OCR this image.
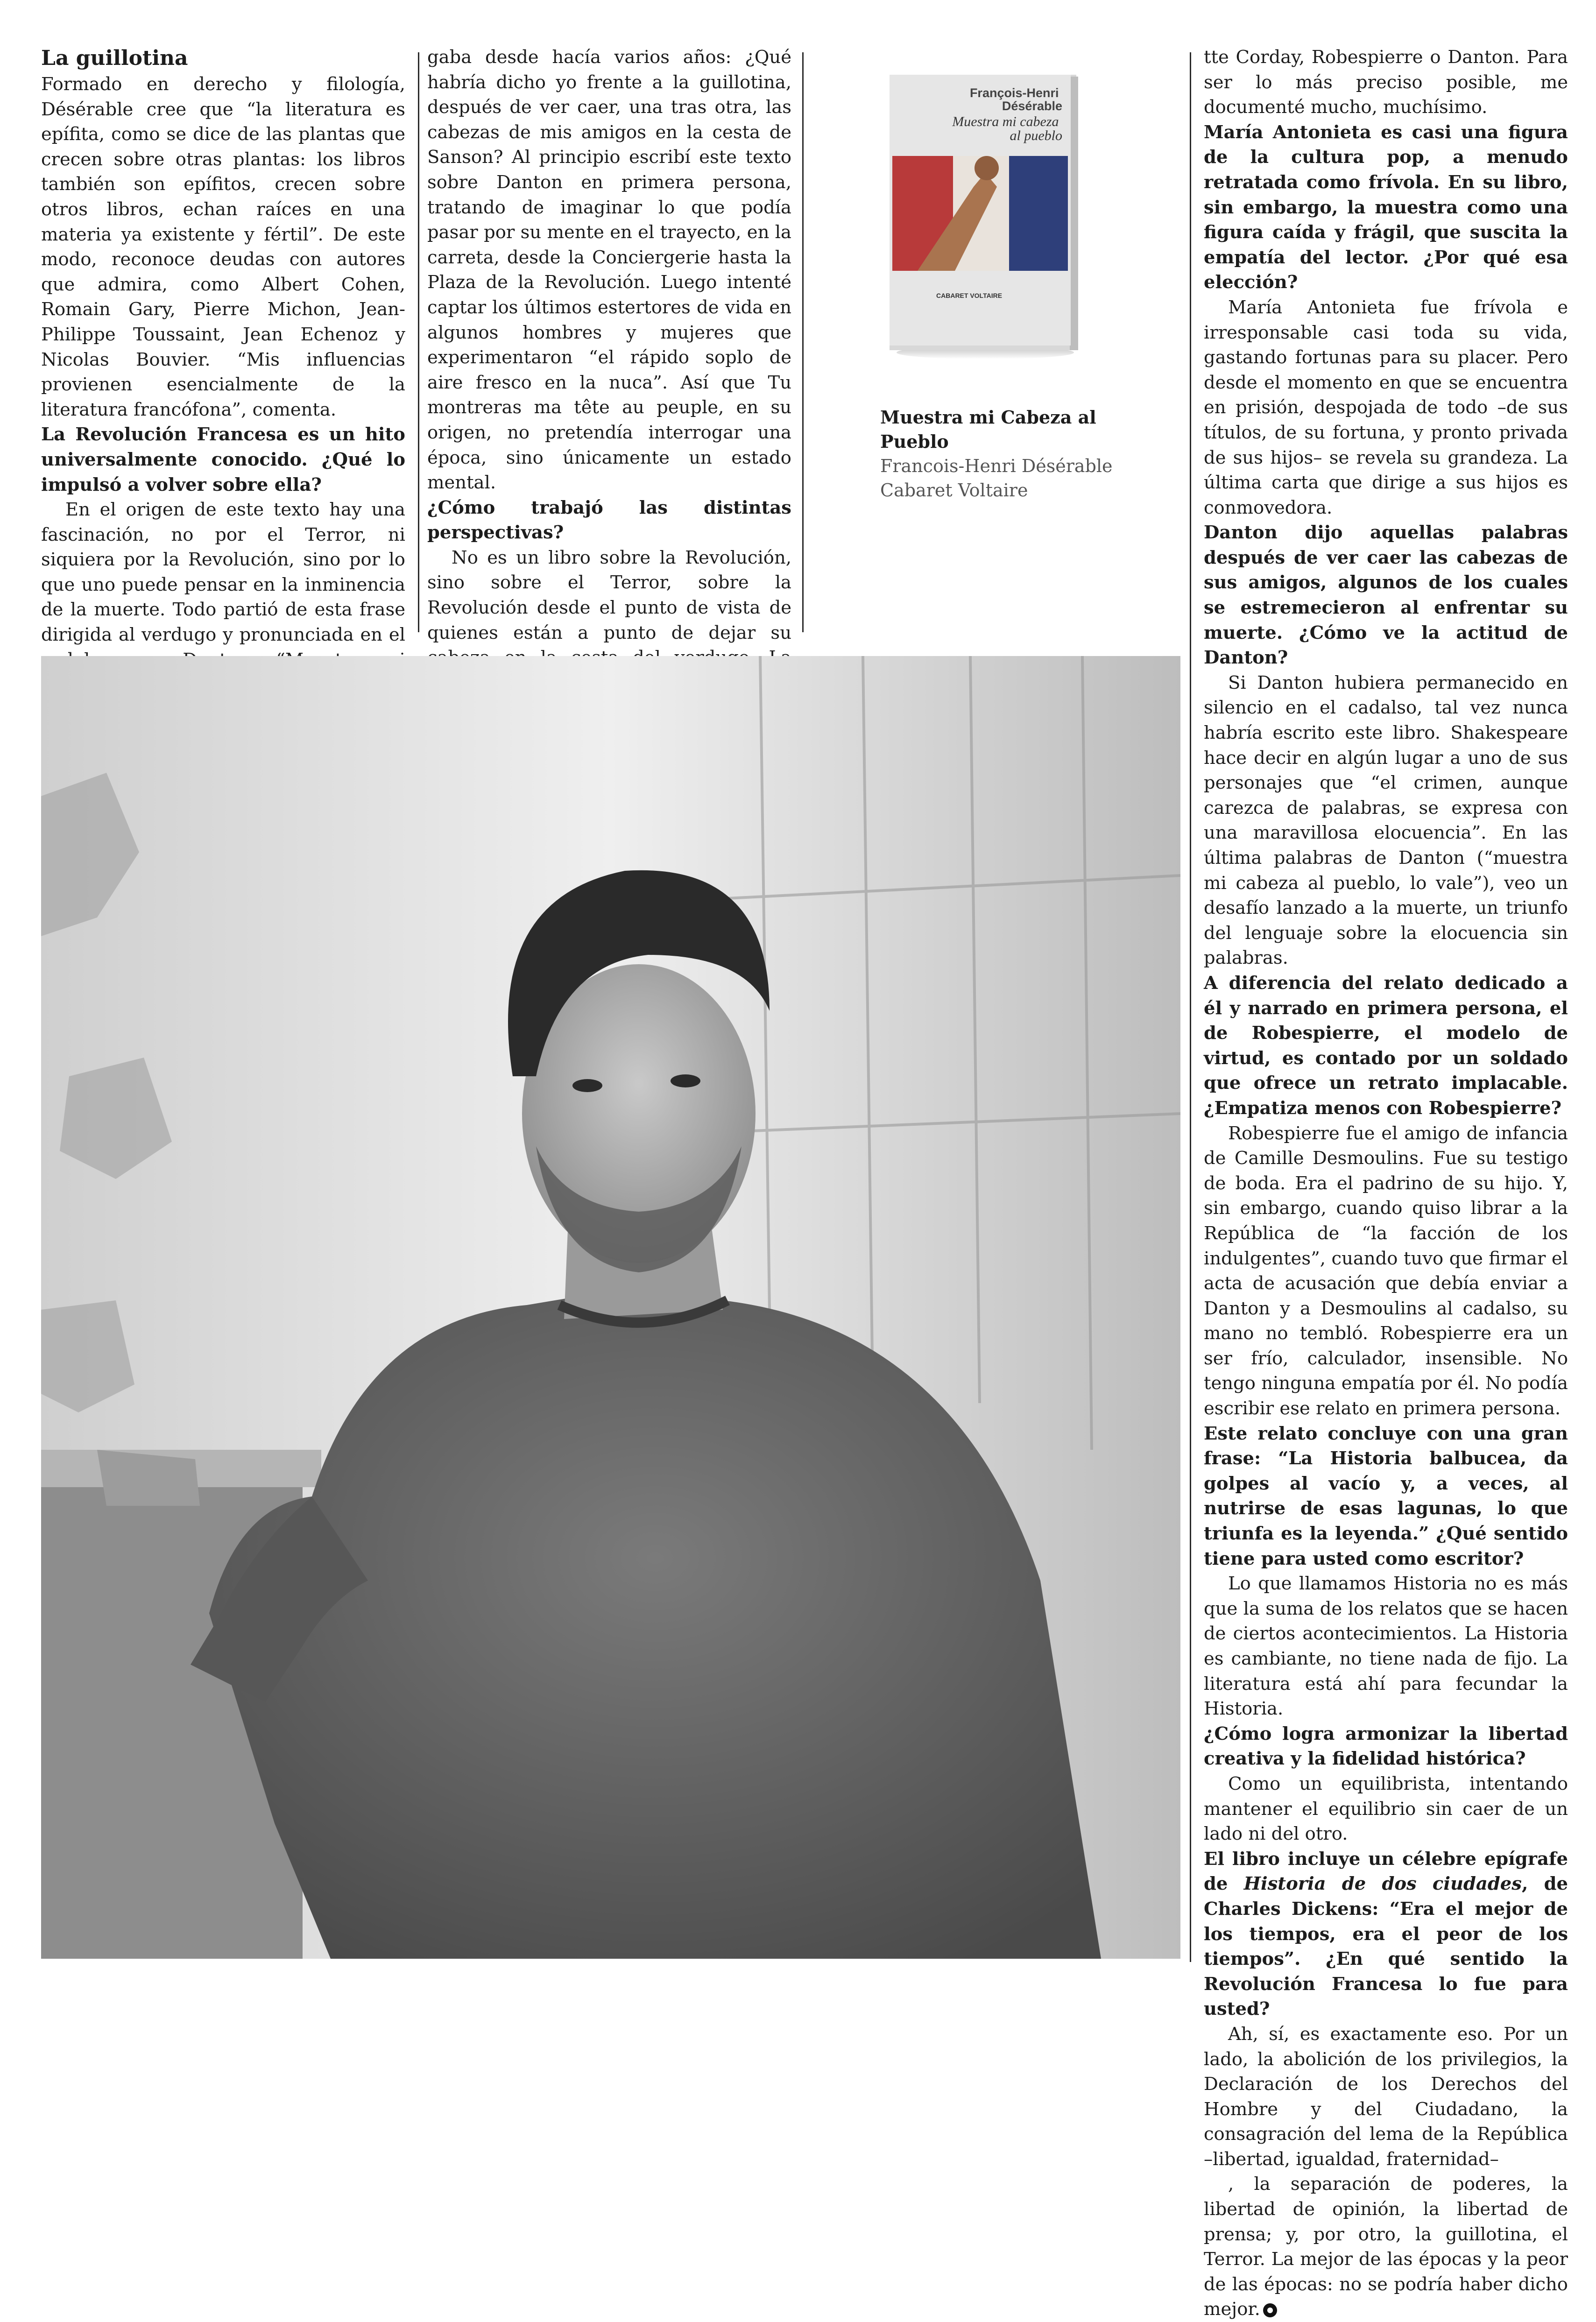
La guillotina

Formado en derecho y filología, Désérable cree que “la literatura es epífita, como se dice de las plantas que crecen sobre otras plantas: los libros también son epífitos, crecen sobre otros libros, echan raíces en una materia ya existente y fértil”. De este modo, reconoce deudas con autores que admira, como Albert Cohen, Romain Gary, Pierre Michon, Jean-Philippe Toussaint, Jean Echenoz y Nicolas Bouvier. “Mis influencias provienen esencialmente de la literatura francófona”, comenta.

La Revolución Francesa es un hito universalmente conocido. ¿Qué lo impulsó a volver sobre ella?

En el origen de este texto hay una fascinación, no por el Terror, ni siquiera por la Revolución, sino por lo que uno puede pensar en la inminencia de la muerte. Todo partió de esta frase dirigida al verdugo y pronunciada en el

gaba desde hacía varios años: ¿Qué habría dicho yo frente a la guillotina, después de ver caer, una tras otra, las cabezas de mis amigos en la cesta de Sanson? Al principio escribí este texto sobre Danton en primera persona, tratando de imaginar lo que podía pasar por su mente en el trayecto, en la carreta, desde la Conciergerie hasta la Plaza de la Revolución. Luego intenté captar los últimos estertores de vida en algunos hombres y mujeres que experimentaron “el rápido soplo de aire fresco en la nuca”. Así que Tu montreras ma tête au peuple, en su origen, no pretendía interrogar una época, sino únicamente un estado mental.

¿Cómo trabajó las distintas perspectivas?

No es un libro sobre la Revolución, sino sobre el Terror, sobre la Revolución desde el punto de vista de quienes están a punto de dejar su

François-Henri Désérable
Muestra mi cabeza al pueblo
CABARET VOLTAIRE
Muestra mi Cabeza al Pueblo
Francois-Henri Désérable
Cabaret Voltaire

tte Corday, Robespierre o Danton. Para ser lo más preciso posible, me documenté mucho, muchísimo.

María Antonieta es casi una figura de la cultura pop, a menudo retratada como frívola. En su libro, sin embargo, la muestra como una figura caída y frágil, que suscita la empatía del lector. ¿Por qué esa elección?

María Antonieta fue frívola e irresponsable casi toda su vida, gastando fortunas para su placer. Pero desde el momento en que se encuentra en prisión, despojada de todo –de sus títulos, de su fortuna, y pronto privada de sus hijos– se revela su grandeza. La última carta que dirige a sus hijos es conmovedora.

Danton dijo aquellas palabras después de ver caer las cabezas de sus amigos, algunos de los cuales se estremecieron al enfrentar su muerte. ¿Cómo ve la actitud de Danton?

Si Danton hubiera permanecido en silencio en el cadalso, tal vez nunca habría escrito este libro. Shakespeare hace decir en algún lugar a uno de sus personajes que “el crimen, aunque carezca de palabras, se expresa con una maravillosa elocuencia”. En las última palabras de Danton (“muestra mi cabeza al pueblo, lo vale”), veo un desafío lanzado a la muerte, un triunfo del lenguaje sobre la elocuencia sin palabras.

A diferencia del relato dedicado a él y narrado en primera persona, el de Robespierre, el modelo de virtud, es contado por un soldado que ofrece un retrato implacable. ¿Empatiza menos con Robespierre?

Robespierre fue el amigo de infancia de Camille Desmoulins. Fue su testigo de boda. Era el padrino de su hijo. Y, sin embargo, cuando quiso librar a la República de “la facción de los indulgentes”, cuando tuvo que firmar el acta de acusación que debía enviar a Danton y a Desmoulins al cadalso, su mano no tembló. Robespierre era un ser frío, calculador, insensible. No tengo ninguna empatía por él. No podía escribir ese relato en primera persona.

Este relato concluye con una gran frase: “La Historia balbucea, da golpes al vacío y, a veces, al nutrirse de esas lagunas, lo que triunfa es la leyenda.” ¿Qué sentido tiene para usted como escritor?

Lo que llamamos Historia no es más que la suma de los relatos que se hacen de ciertos acontecimientos. La Historia es cambiante, no tiene nada de fijo. La literatura está ahí para fecundar la Historia.

¿Cómo logra armonizar la libertad creativa y la fidelidad histórica?

Como un equilibrista, intentando mantener el equilibrio sin caer de un lado ni del otro.

El libro incluye un célebre epígrafe de Historia de dos ciudades, de Charles Dickens: “Era el mejor de los tiempos, era el peor de los tiempos”. ¿En qué sentido la Revolución Francesa lo fue para usted?

Ah, sí, es exactamente eso. Por un lado, la abolición de los privilegios, la Declaración de los Derechos del Hombre y del Ciudadano, la consagración del lema de la República –libertad, igualdad, fraternidad–

, la separación de poderes, la libertad de opinión, la libertad de prensa; y, por otro, la guillotina, el Terror. La mejor de las épocas y la peor de las épocas: no se podría haber dicho mejor.
